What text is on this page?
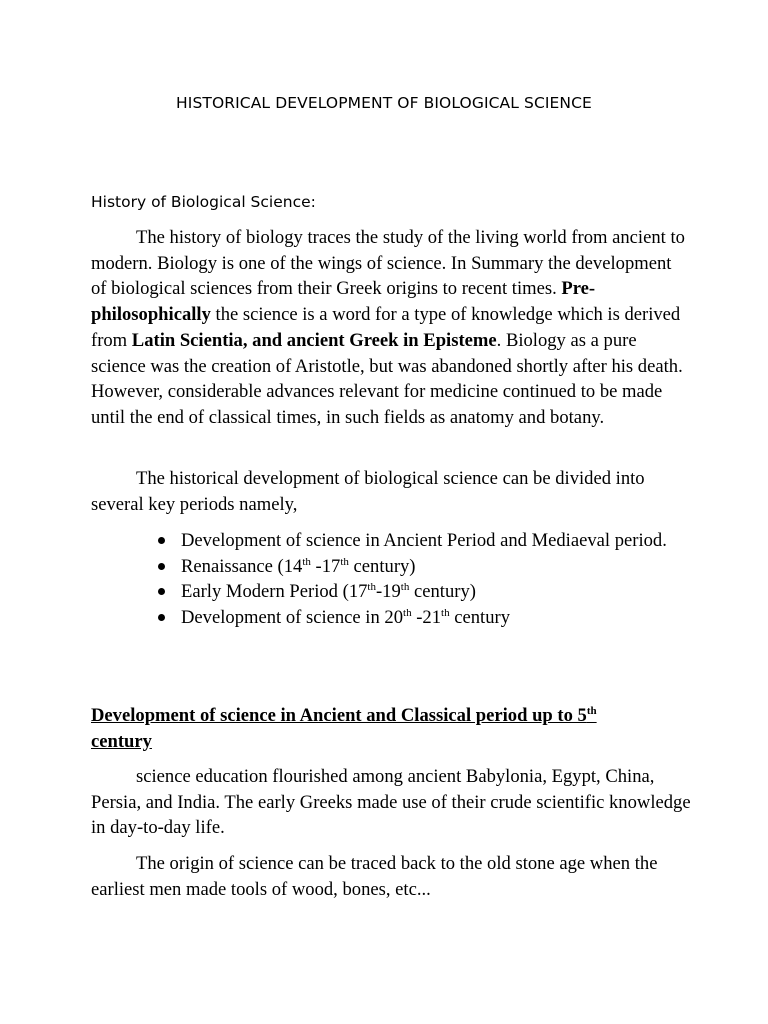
HISTORICAL DEVELOPMENT OF BIOLOGICAL SCIENCE
History of Biological Science:

The history of biology traces the study of the living world from ancient to modern. Biology is one of the wings of science. In Summary the development of biological sciences from their Greek origins to recent times. Pre- philosophically the science is a word for a type of knowledge which is derived from Latin Scientia, and ancient Greek in Episteme. Biology as a pure science was the creation of Aristotle, but was abandoned shortly after his death. However, considerable advances relevant for medicine continued to be made until the end of classical times, in such fields as anatomy and botany.

The historical development of biological science can be divided into several key periods namely,

Development of science in Ancient Period and Mediaeval period.
Renaissance (14th -17th century)
Early Modern Period (17th-19th century)
Development of science in 20th -21th century

Development of science in Ancient and Classical period up to 5th
century

science education flourished among ancient Babylonia, Egypt, China, Persia, and India. The early Greeks made use of their crude scientific knowledge in day-to-day life.

The origin of science can be traced back to the old stone age when the earliest men made tools of wood, bones, etc...
